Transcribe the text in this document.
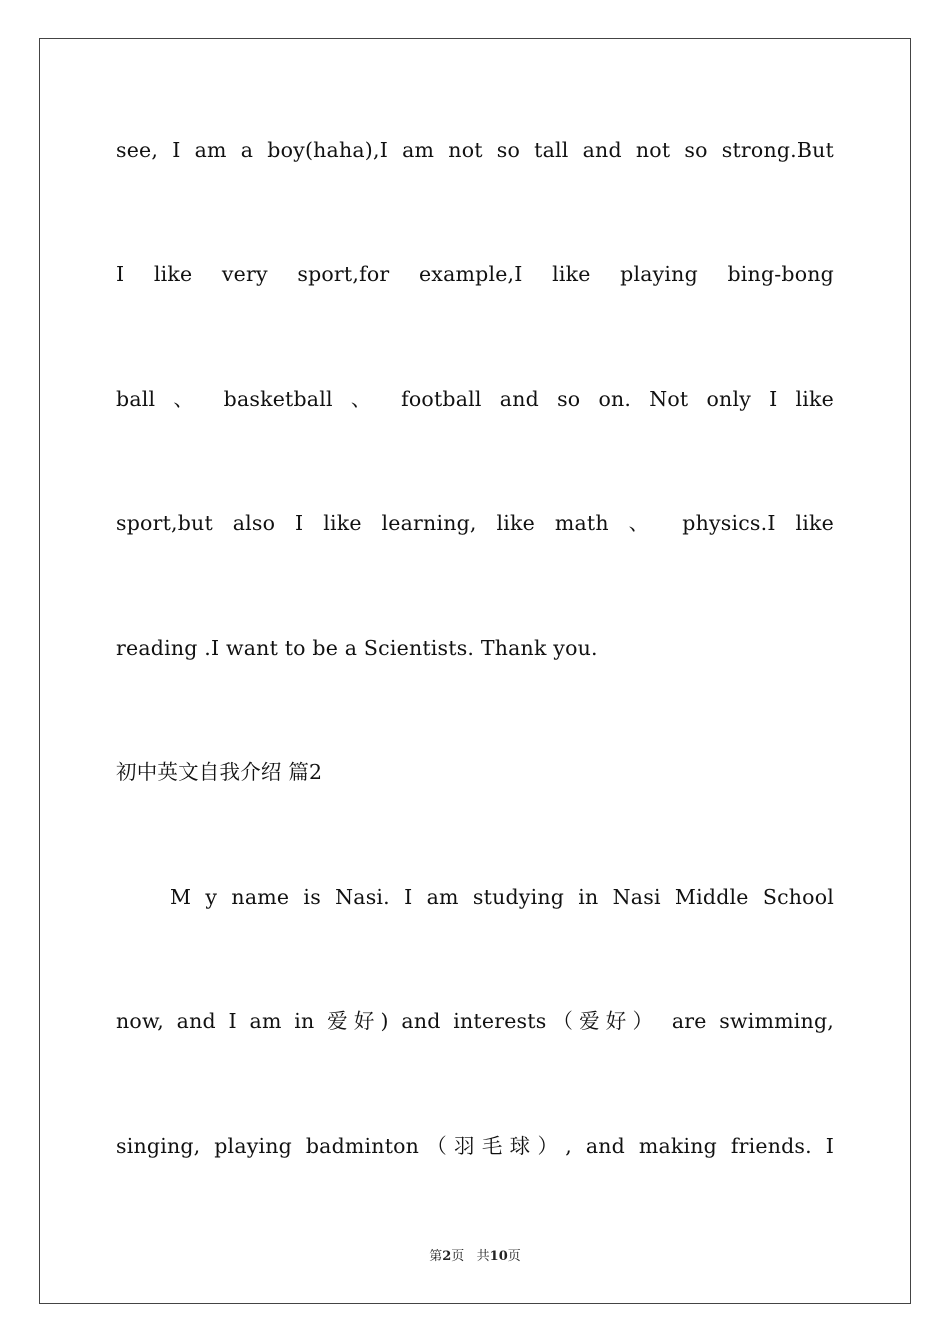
see, I am a boy(haha),I am not so tall and not so strong.But
I like very sport,for example,I like playing bing-bong
ball 、 basketball 、 football and so on. Not only I like
sport,but also I like learning, like math 、 physics.I like
reading .I want to be a Scientists. Thank you.
初中英文自我介绍 篇2
M y name is Nasi. I am studying in Nasi Middle School
now, and I am in 爱好) and interests（爱好） are swimming,
singing, playing badminton（羽毛球）, and making friends. I
第2页   共10页
